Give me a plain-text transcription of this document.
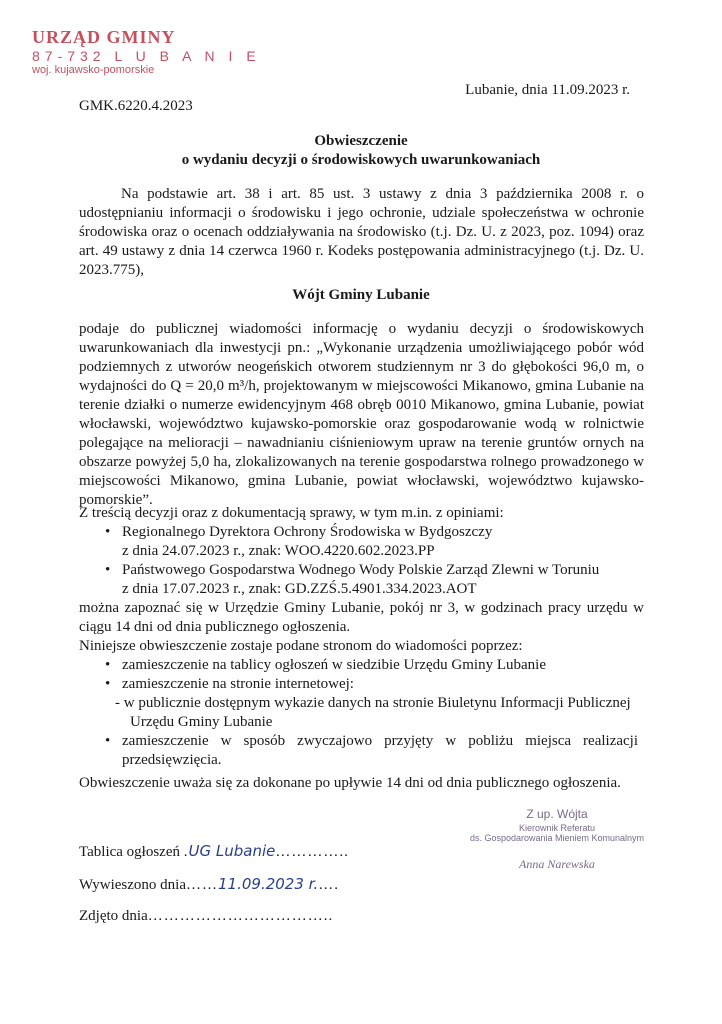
URZĄD GMINY
87-732 L U B A N I E
woj. kujawsko-pomorskie
Lubanie, dnia 11.09.2023 r.
GMK.6220.4.2023
Obwieszczenie
o wydaniu decyzji o środowiskowych uwarunkowaniach
Na podstawie art. 38 i art. 85 ust. 3 ustawy z dnia 3 października 2008 r. o udostępnianiu informacji o środowisku i jego ochronie, udziale społeczeństwa w ochronie środowiska oraz o ocenach oddziaływania na środowisko (t.j. Dz. U. z 2023, poz. 1094) oraz art. 49 ustawy z dnia 14 czerwca 1960 r. Kodeks postępowania administracyjnego (t.j. Dz. U. 2023.775),
Wójt Gminy Lubanie
podaje do publicznej wiadomości informację o wydaniu decyzji o środowiskowych uwarunkowaniach dla inwestycji pn.: „Wykonanie urządzenia umożliwiającego pobór wód podziemnych z utworów neogeńskich otworem studziennym nr 3 do głębokości 96,0 m, o wydajności do Q = 20,0 m³/h, projektowanym w miejscowości Mikanowo, gmina Lubanie na terenie działki o numerze ewidencyjnym 468 obręb 0010 Mikanowo, gmina Lubanie, powiat włocławski, województwo kujawsko-pomorskie oraz gospodarowanie wodą w rolnictwie polegające na melioracji – nawadnianiu ciśnieniowym upraw na terenie gruntów ornych na obszarze powyżej 5,0 ha, zlokalizowanych na terenie gospodarstwa rolnego prowadzonego w miejscowości Mikanowo, gmina Lubanie, powiat włocławski, województwo kujawsko-pomorskie”.
Z treścią decyzji oraz z dokumentacją sprawy, w tym m.in. z opiniami:
• Regionalnego Dyrektora Ochrony Środowiska w Bydgoszczy
z dnia 24.07.2023 r., znak: WOO.4220.602.2023.PP
• Państwowego Gospodarstwa Wodnego Wody Polskie Zarząd Zlewni w Toruniu
z dnia 17.07.2023 r., znak: GD.ZZŚ.5.4901.334.2023.AOT
można zapoznać się w Urzędzie Gminy Lubanie, pokój nr 3, w godzinach pracy urzędu w ciągu 14 dni od dnia publicznego ogłoszenia.
Niniejsze obwieszczenie zostaje podane stronom do wiadomości poprzez:
• zamieszczenie na tablicy ogłoszeń w siedzibie Urzędu Gminy Lubanie
• zamieszczenie na stronie internetowej:
- w publicznie dostępnym wykazie danych na stronie Biuletynu Informacji Publicznej
Urzędu Gminy Lubanie
• zamieszczenie w sposób zwyczajowo przyjęty w pobliżu miejsca realizacji przedsięwzięcia.
Obwieszczenie uważa się za dokonane po upływie 14 dni od dnia publicznego ogłoszenia.
Z up. Wójta
Kierownik Referatu
ds. Gospodarowania Mieniem Komunalnym
Anna Narewska
Tablica ogłoszeń .UG Lubanie…………..
Wywieszono dnia……11.09.2023 r.….
Zdjęto dnia……………………………..
